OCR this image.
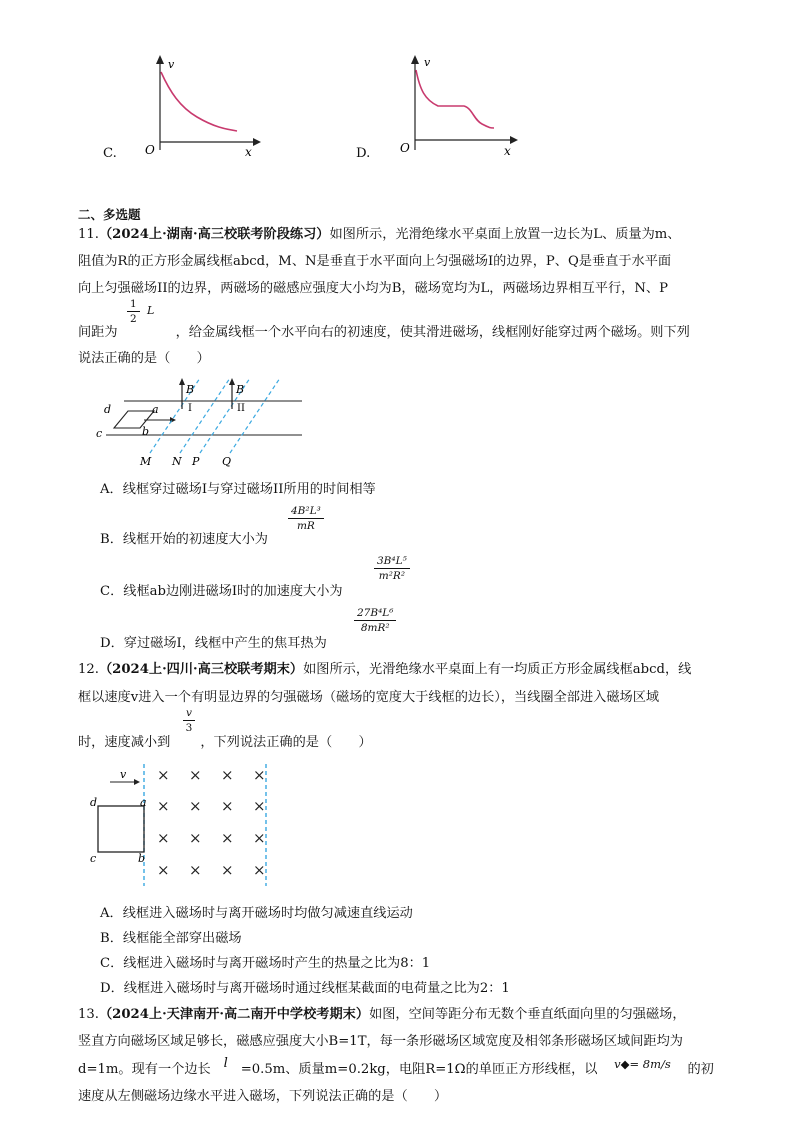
C.
v
O	x	D.
v
O	x
二、多选题
11.（2024上·湖南·高三校联考阶段练习）如图所示，光滑绝缘水平桌面上放置一边长为L、质量为m、
阻值为R的正方形金属线框abcd，M、N是垂直于水平面向上匀强磁场I的边界，P、Q是垂直于水平面
向上匀强磁场II的边界，两磁场的磁感应强度大小均为B，磁场宽均为L，两磁场边界相互平行，N、P
间距为	，给金属线框一个水平向右的初速度，使其滑进磁场，线框刚好能穿过两个磁场。则下列
$\frac{1}{2}$ L
说法正确的是（　　）
d	a
c	b
B
I
B
II
M N P Q
A．线框穿过磁场I与穿过磁场II所用的时间相等
B．线框开始的初速度大小为
$\frac{\text{4B²L³}}{mR}$
C．线框ab边刚进磁场I时的加速度大小为
$\frac{\text{3B⁴L⁵}}{\text{m²R²}}$
D．穿过磁场I，线框中产生的焦耳热为
$\frac{\text{27B⁴L⁶}}{\text{8mR²}}$
12.（2024上·四川·高三校联考期末）如图所示，光滑绝缘水平桌面上有一均质正方形金属线框abcd，线
框以速度v进入一个有明显边界的匀强磁场（磁场的宽度大于线框的边长），当线圈全部进入磁场区域
时，速度减小到 ，下列说法正确的是（　　）
$\frac{v}{3}$
v
d	a
c	b
× × × ×
× × × ×
× × × ×
× × × ×
A．线框进入磁场时与离开磁场时均做匀减速直线运动
B．线框能全部穿出磁场
C．线框进入磁场时与离开磁场时产生的热量之比为8：1
D．线框进入磁场时与离开磁场时通过线框某截面的电荷量之比为2：1
13.（2024上·天津南开·高二南开中学校考期末）如图，空间等距分布无数个垂直纸面向里的匀强磁场，
竖直方向磁场区域足够长，磁感应强度大小B=1T，每一条形磁场区域宽度及相邻条形磁场区域间距均为
d=1m。现有一个边长 l =0.5m、质量m=0.2kg，电阻R=1Ω的单匝正方形线框，以 v◆= 8m/s 的初
速度从左侧磁场边缘水平进入磁场，下列说法正确的是（　　）
